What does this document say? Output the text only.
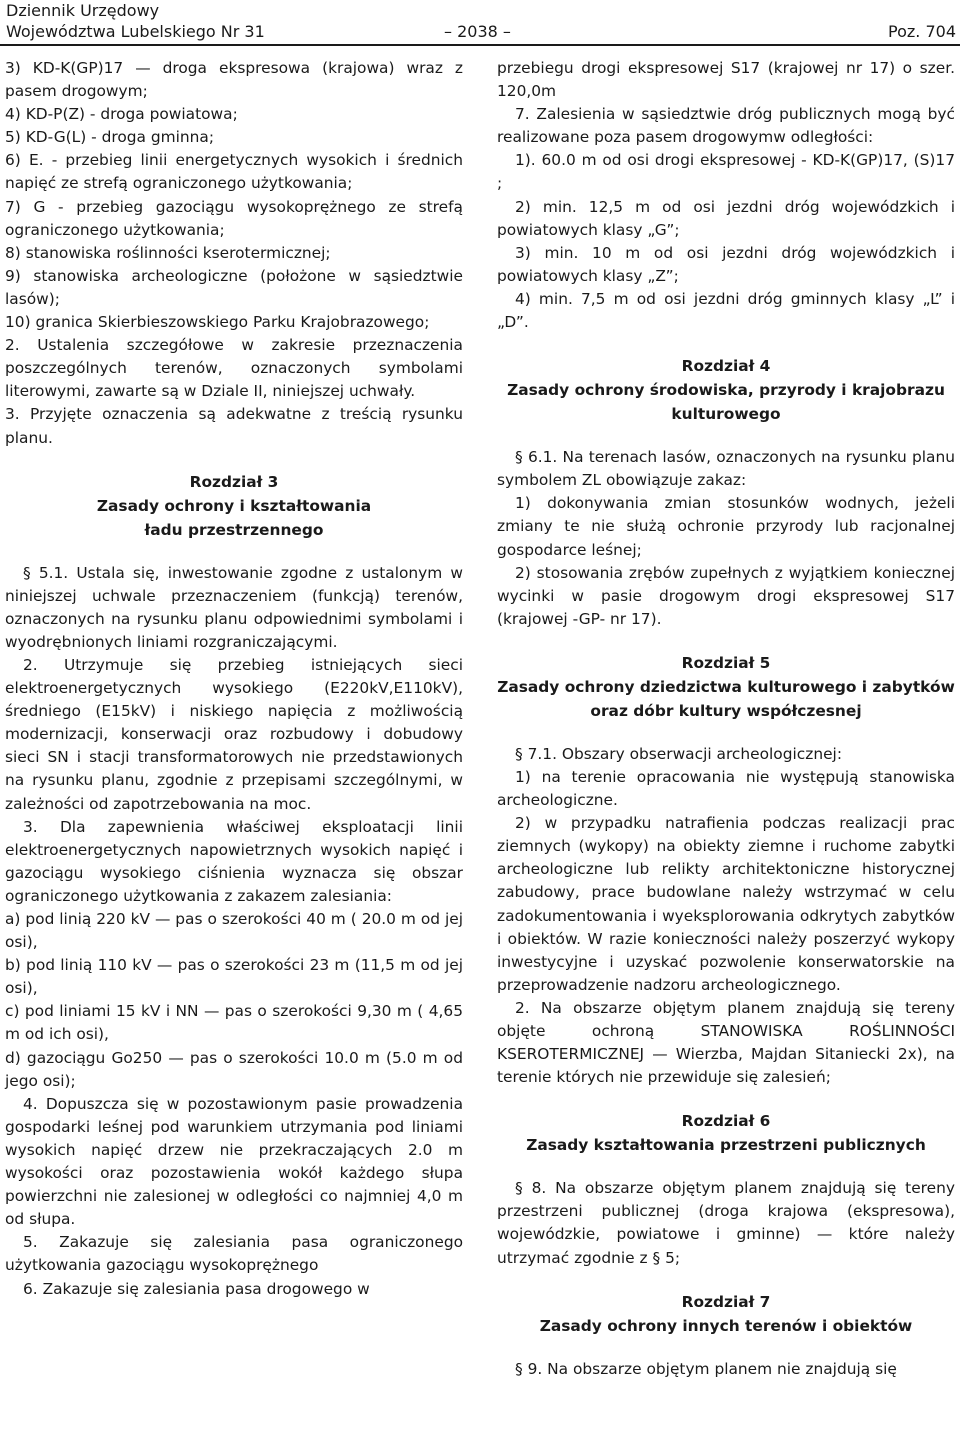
Dziennik Urzędowy
Województwa Lubelskiego Nr 31	– 2038 –	Poz. 704

3) KD-K(GP)17 — droga ekspresowa (krajowa) wraz z pasem drogowym;

4) KD-P(Z) - droga powiatowa;

5) KD-G(L) - droga gminna;

6) E. - przebieg linii energetycznych wysokich i średnich napięć ze strefą ograniczonego użytkowania;

7) G - przebieg gazociągu wysokoprężnego ze strefą ograniczonego użytkowania;

8) stanowiska roślinności kserotermicznej;

9) stanowiska archeologiczne (położone w sąsiedztwie lasów);

10) granica Skierbieszowskiego Parku Krajobrazowego;

2. Ustalenia szczegółowe w zakresie przeznaczenia poszczególnych terenów, oznaczonych symbolami literowymi, zawarte są w Dziale II, niniejszej uchwały.

3. Przyjęte oznaczenia są adekwatne z treścią rysunku planu.

Rozdział 3
Zasady ochrony i kształtowania
ładu przestrzennego

§ 5.1. Ustala się, inwestowanie zgodne z ustalonym w niniejszej uchwale przeznaczeniem (funkcją) terenów, oznaczonych na rysunku planu odpowiednimi symbolami i wyodrębnionych liniami rozgraniczającymi.

2. Utrzymuje się przebieg istniejących sieci elektroenergetycznych wysokiego (E220kV,E110kV), średniego (E15kV) i niskiego napięcia z możliwością modernizacji, konserwacji oraz rozbudowy i dobudowy sieci SN i stacji transformatorowych nie przedstawionych na rysunku planu, zgodnie z przepisami szczególnymi, w zależności od zapotrzebowania na moc.

3. Dla zapewnienia właściwej eksploatacji linii elektroenergetycznych napowietrznych wysokich napięć i gazociągu wysokiego ciśnienia wyznacza się obszar ograniczonego użytkowania z zakazem zalesiania:

a) pod linią 220 kV — pas o szerokości 40 m ( 20.0 m od jej osi),

b) pod linią 110 kV — pas o szerokości 23 m (11,5 m od jej osi),

c) pod liniami 15 kV i NN — pas o szerokości 9,30 m ( 4,65 m od ich osi),

d) gazociągu Go250 — pas o szerokości 10.0 m (5.0 m od jego osi);

4. Dopuszcza się w pozostawionym pasie prowadzenia gospodarki leśnej pod warunkiem utrzymania pod liniami wysokich napięć drzew nie przekraczających 2.0 m wysokości oraz pozostawienia wokół każdego słupa powierzchni nie zalesionej w odległości co najmniej 4,0 m od słupa.

5. Zakazuje się zalesiania pasa ograniczonego użytkowania gazociągu wysokoprężnego

6. Zakazuje się zalesiania pasa drogowego w

przebiegu drogi ekspresowej S17 (krajowej nr 17) o szer. 120,0m

7. Zalesienia w sąsiedztwie dróg publicznych mogą być realizowane poza pasem drogowymw odległości:

1). 60.0 m od osi drogi ekspresowej - KD-K(GP)17, (S)17 ;

2) min. 12,5 m od osi jezdni dróg wojewódzkich i powiatowych klasy „G”;

3) min. 10 m od osi jezdni dróg wojewódzkich i powiatowych klasy „Z”;

4) min. 7,5 m od osi jezdni dróg gminnych klasy „L” i „D”.

Rozdział 4
Zasady ochrony środowiska, przyrody i krajobrazu kulturowego

§ 6.1. Na terenach lasów, oznaczonych na rysunku planu symbolem ZL obowiązuje zakaz:

1) dokonywania zmian stosunków wodnych, jeżeli zmiany te nie służą ochronie przyrody lub racjonalnej gospodarce leśnej;

2) stosowania zrębów zupełnych z wyjątkiem koniecznej wycinki w pasie drogowym drogi ekspresowej S17 (krajowej -GP- nr 17).

Rozdział 5
Zasady ochrony dziedzictwa kulturowego i zabytków oraz dóbr kultury współczesnej

§ 7.1. Obszary obserwacji archeologicznej:

1) na terenie opracowania nie występują stanowiska archeologiczne.

2) w przypadku natrafienia podczas realizacji prac ziemnych (wykopy) na obiekty ziemne i ruchome zabytki archeologiczne lub relikty architektoniczne historycznej zabudowy, prace budowlane należy wstrzymać w celu zadokumentowania i wyeksplorowania odkrytych zabytków i obiektów. W razie konieczności należy poszerzyć wykopy inwestycyjne i uzyskać pozwolenie konserwatorskie na przeprowadzenie nadzoru archeologicznego.

2. Na obszarze objętym planem znajdują się tereny objęte ochroną STANOWISKA ROŚLINNOŚCI KSEROTERMICZNEJ — Wierzba, Majdan Sitaniecki 2x), na terenie których nie przewiduje się zalesień;

Rozdział 6
Zasady kształtowania przestrzeni publicznych

§ 8. Na obszarze objętym planem znajdują się tereny przestrzeni publicznej (droga krajowa (ekspresowa), wojewódzkie, powiatowe i gminne) — które należy utrzymać zgodnie z § 5;

Rozdział 7
Zasady ochrony innych terenów i obiektów

§ 9. Na obszarze objętym planem nie znajdują się
